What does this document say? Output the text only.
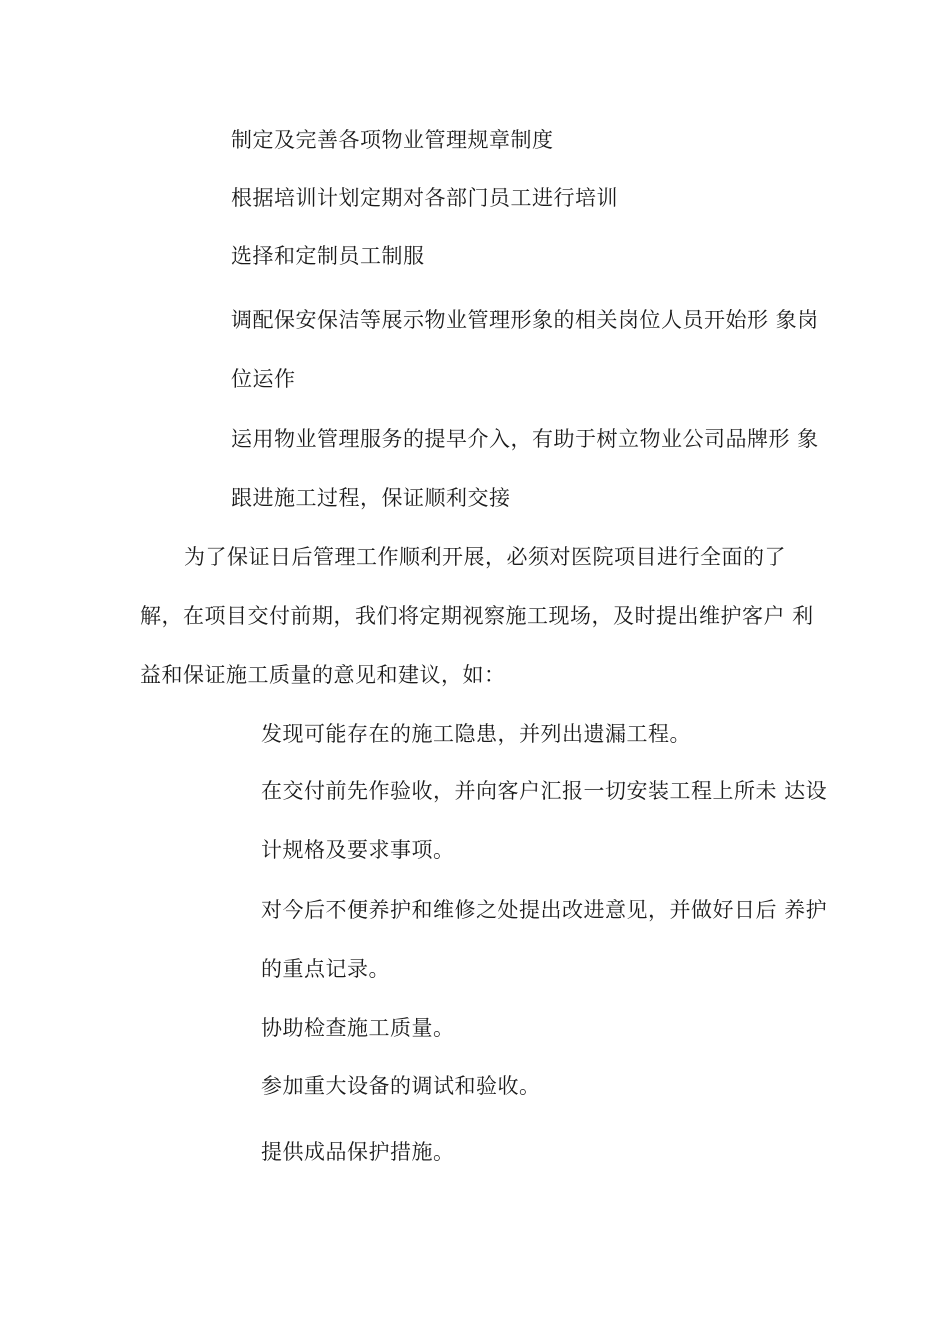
制定及完善各项物业管理规章制度
根据培训计划定期对各部门员工进行培训
选择和定制员工制服
调配保安保洁等展示物业管理形象的相关岗位人员开始形 象岗
位运作
运用物业管理服务的提早介入，有助于树立物业公司品牌形 象
跟进施工过程，保证顺利交接
为了保证日后管理工作顺利开展，必须对医院项目进行全面的了
解，在项目交付前期，我们将定期视察施工现场，及时提出维护客户 利
益和保证施工质量的意见和建议，如：
发现可能存在的施工隐患，并列出遗漏工程。
在交付前先作验收，并向客户汇报一切安装工程上所未 达设
计规格及要求事项。
对今后不便养护和维修之处提出改进意见，并做好日后 养护
的重点记录。
协助检查施工质量。
参加重大设备的调试和验收。
提供成品保护措施。
